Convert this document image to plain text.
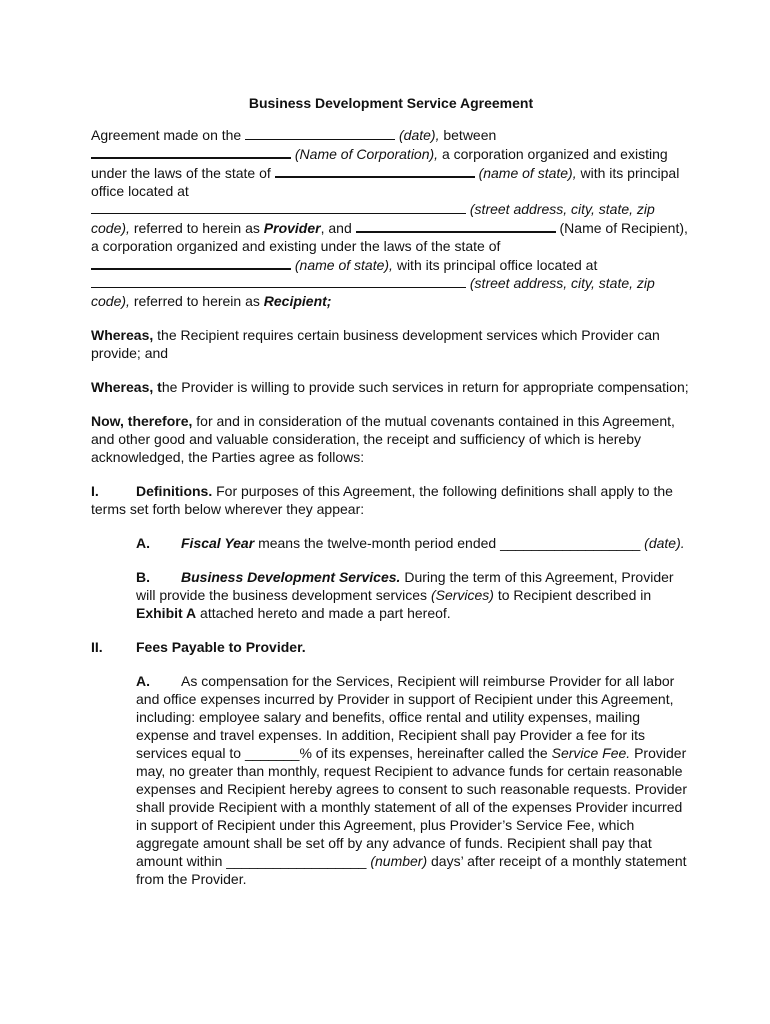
Business Development Service Agreement

Agreement made on the	(date), between
(Name of Corporation), a corporation organized and existing under the laws of the state of	(name of state), with its principal office located at
(street address, city, state, zip code), referred to herein as Provider, and	(Name of Recipient), a corporation organized and existing under the laws of the state of
(name of state), with its principal office located at
(street address, city, state, zip code), referred to herein as Recipient;

Whereas, the Recipient requires certain business development services which Provider can provide; and

Whereas, the Provider is willing to provide such services in return for appropriate compensation;

Now, therefore, for and in consideration of the mutual covenants contained in this Agreement, and other good and valuable consideration, the receipt and sufficiency of which is hereby acknowledged, the Parties agree as follows:

I.	Definitions. For purposes of this Agreement, the following definitions shall apply to the terms set forth below wherever they appear:

A. Fiscal Year means the twelve-month period ended __________________ (date).

B. Business Development Services. During the term of this Agreement, Provider will provide the business development services (Services) to Recipient described in Exhibit A attached hereto and made a part hereof.

II. Fees Payable to Provider.

A. As compensation for the Services, Recipient will reimburse Provider for all labor and office expenses incurred by Provider in support of Recipient under this Agreement, including: employee salary and benefits, office rental and utility expenses, mailing expense and travel expenses. In addition, Recipient shall pay Provider a fee for its services equal to _______% of its expenses, hereinafter called the Service Fee. Provider may, no greater than monthly, request Recipient to advance funds for certain reasonable expenses and Recipient hereby agrees to consent to such reasonable requests. Provider shall provide Recipient with a monthly statement of all of the expenses Provider incurred in support of Recipient under this Agreement, plus Provider’s Service Fee, which aggregate amount shall be set off by any advance of funds. Recipient shall pay that amount within __________________ (number) days’ after receipt of a monthly statement from the Provider.
